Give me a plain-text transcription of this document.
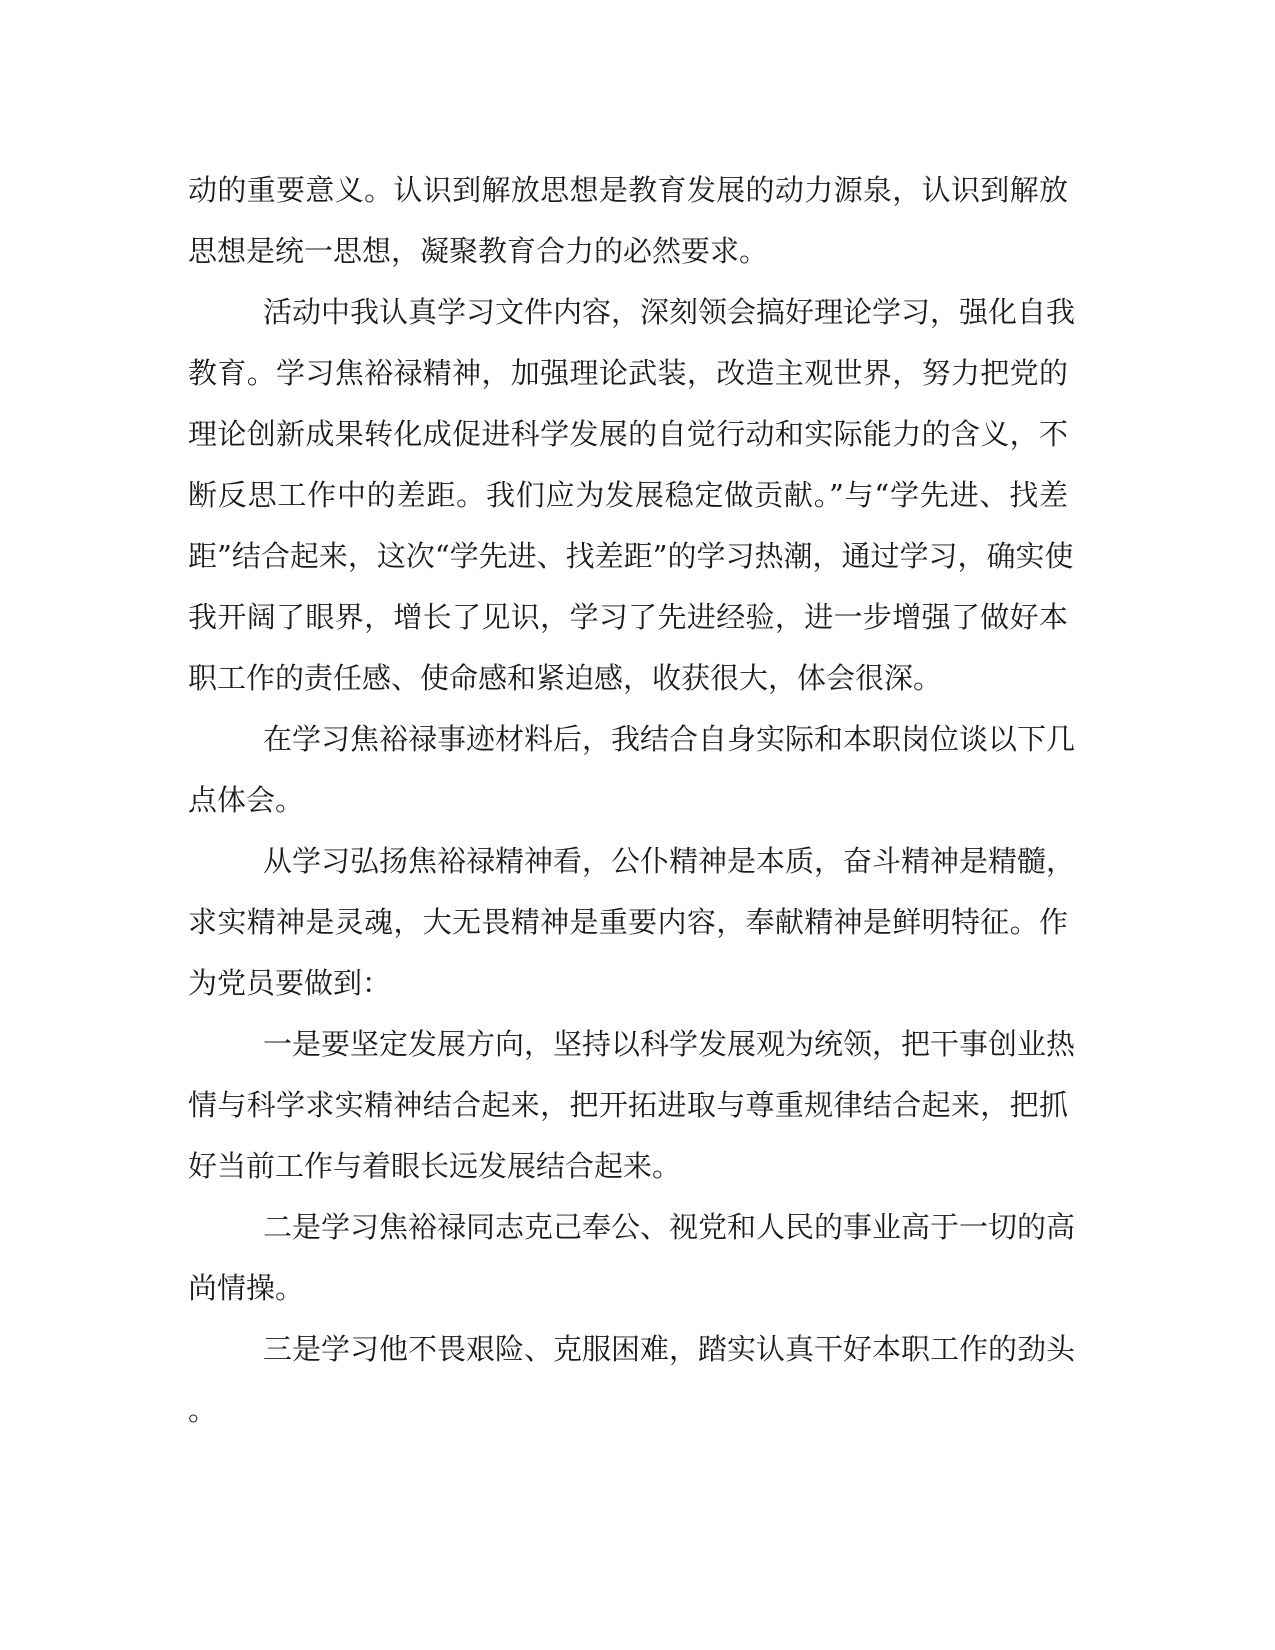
动的重要意义。认识到解放思想是教育发展的动力源泉，认识到解放
思想是统一思想，凝聚教育合力的必然要求。

活动中我认真学习文件内容，深刻领会搞好理论学习，强化自我
教育。学习焦裕禄精神，加强理论武装，改造主观世界，努力把党的
理论创新成果转化成促进科学发展的自觉行动和实际能力的含义，不
断反思工作中的差距。我们应为发展稳定做贡献。”与“学先进、找差
距”结合起来，这次“学先进、找差距”的学习热潮，通过学习，确实使
我开阔了眼界，增长了见识，学习了先进经验，进一步增强了做好本
职工作的责任感、使命感和紧迫感，收获很大，体会很深。

在学习焦裕禄事迹材料后，我结合自身实际和本职岗位谈以下几
点体会。

从学习弘扬焦裕禄精神看，公仆精神是本质，奋斗精神是精髓，
求实精神是灵魂，大无畏精神是重要内容，奉献精神是鲜明特征。作
为党员要做到：

一是要坚定发展方向，坚持以科学发展观为统领，把干事创业热
情与科学求实精神结合起来，把开拓进取与尊重规律结合起来，把抓
好当前工作与着眼长远发展结合起来。

二是学习焦裕禄同志克己奉公、视党和人民的事业高于一切的高
尚情操。

三是学习他不畏艰险、克服困难，踏实认真干好本职工作的劲头
。
